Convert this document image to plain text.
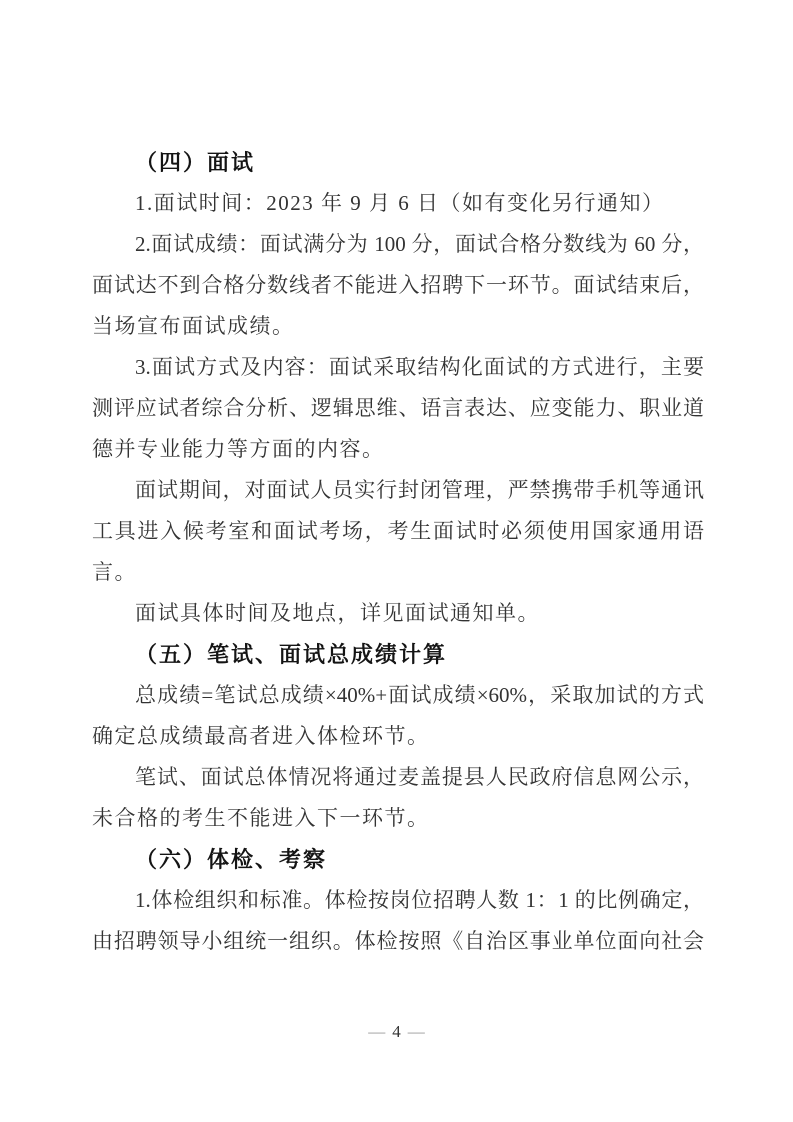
（四）面试
1.面试时间：2023 年 9 月 6 日（如有变化另行通知）
2.面试成绩：面试满分为 100 分，面试合格分数线为 60 分，
面试达不到合格分数线者不能进入招聘下一环节。面试结束后，
当场宣布面试成绩。
3.面试方式及内容：面试采取结构化面试的方式进行，主要
测评应试者综合分析、逻辑思维、语言表达、应变能力、职业道
德并专业能力等方面的内容。
面试期间，对面试人员实行封闭管理，严禁携带手机等通讯
工具进入候考室和面试考场，考生面试时必须使用国家通用语
言。
面试具体时间及地点，详见面试通知单。
（五）笔试、面试总成绩计算
总成绩=笔试总成绩×40%+面试成绩×60%，采取加试的方式
确定总成绩最高者进入体检环节。
笔试、面试总体情况将通过麦盖提县人民政府信息网公示，
未合格的考生不能进入下一环节。
（六）体检、考察
1.体检组织和标准。体检按岗位招聘人数 1：1 的比例确定，
由招聘领导小组统一组织。体检按照《自治区事业单位面向社会
— 4 —
